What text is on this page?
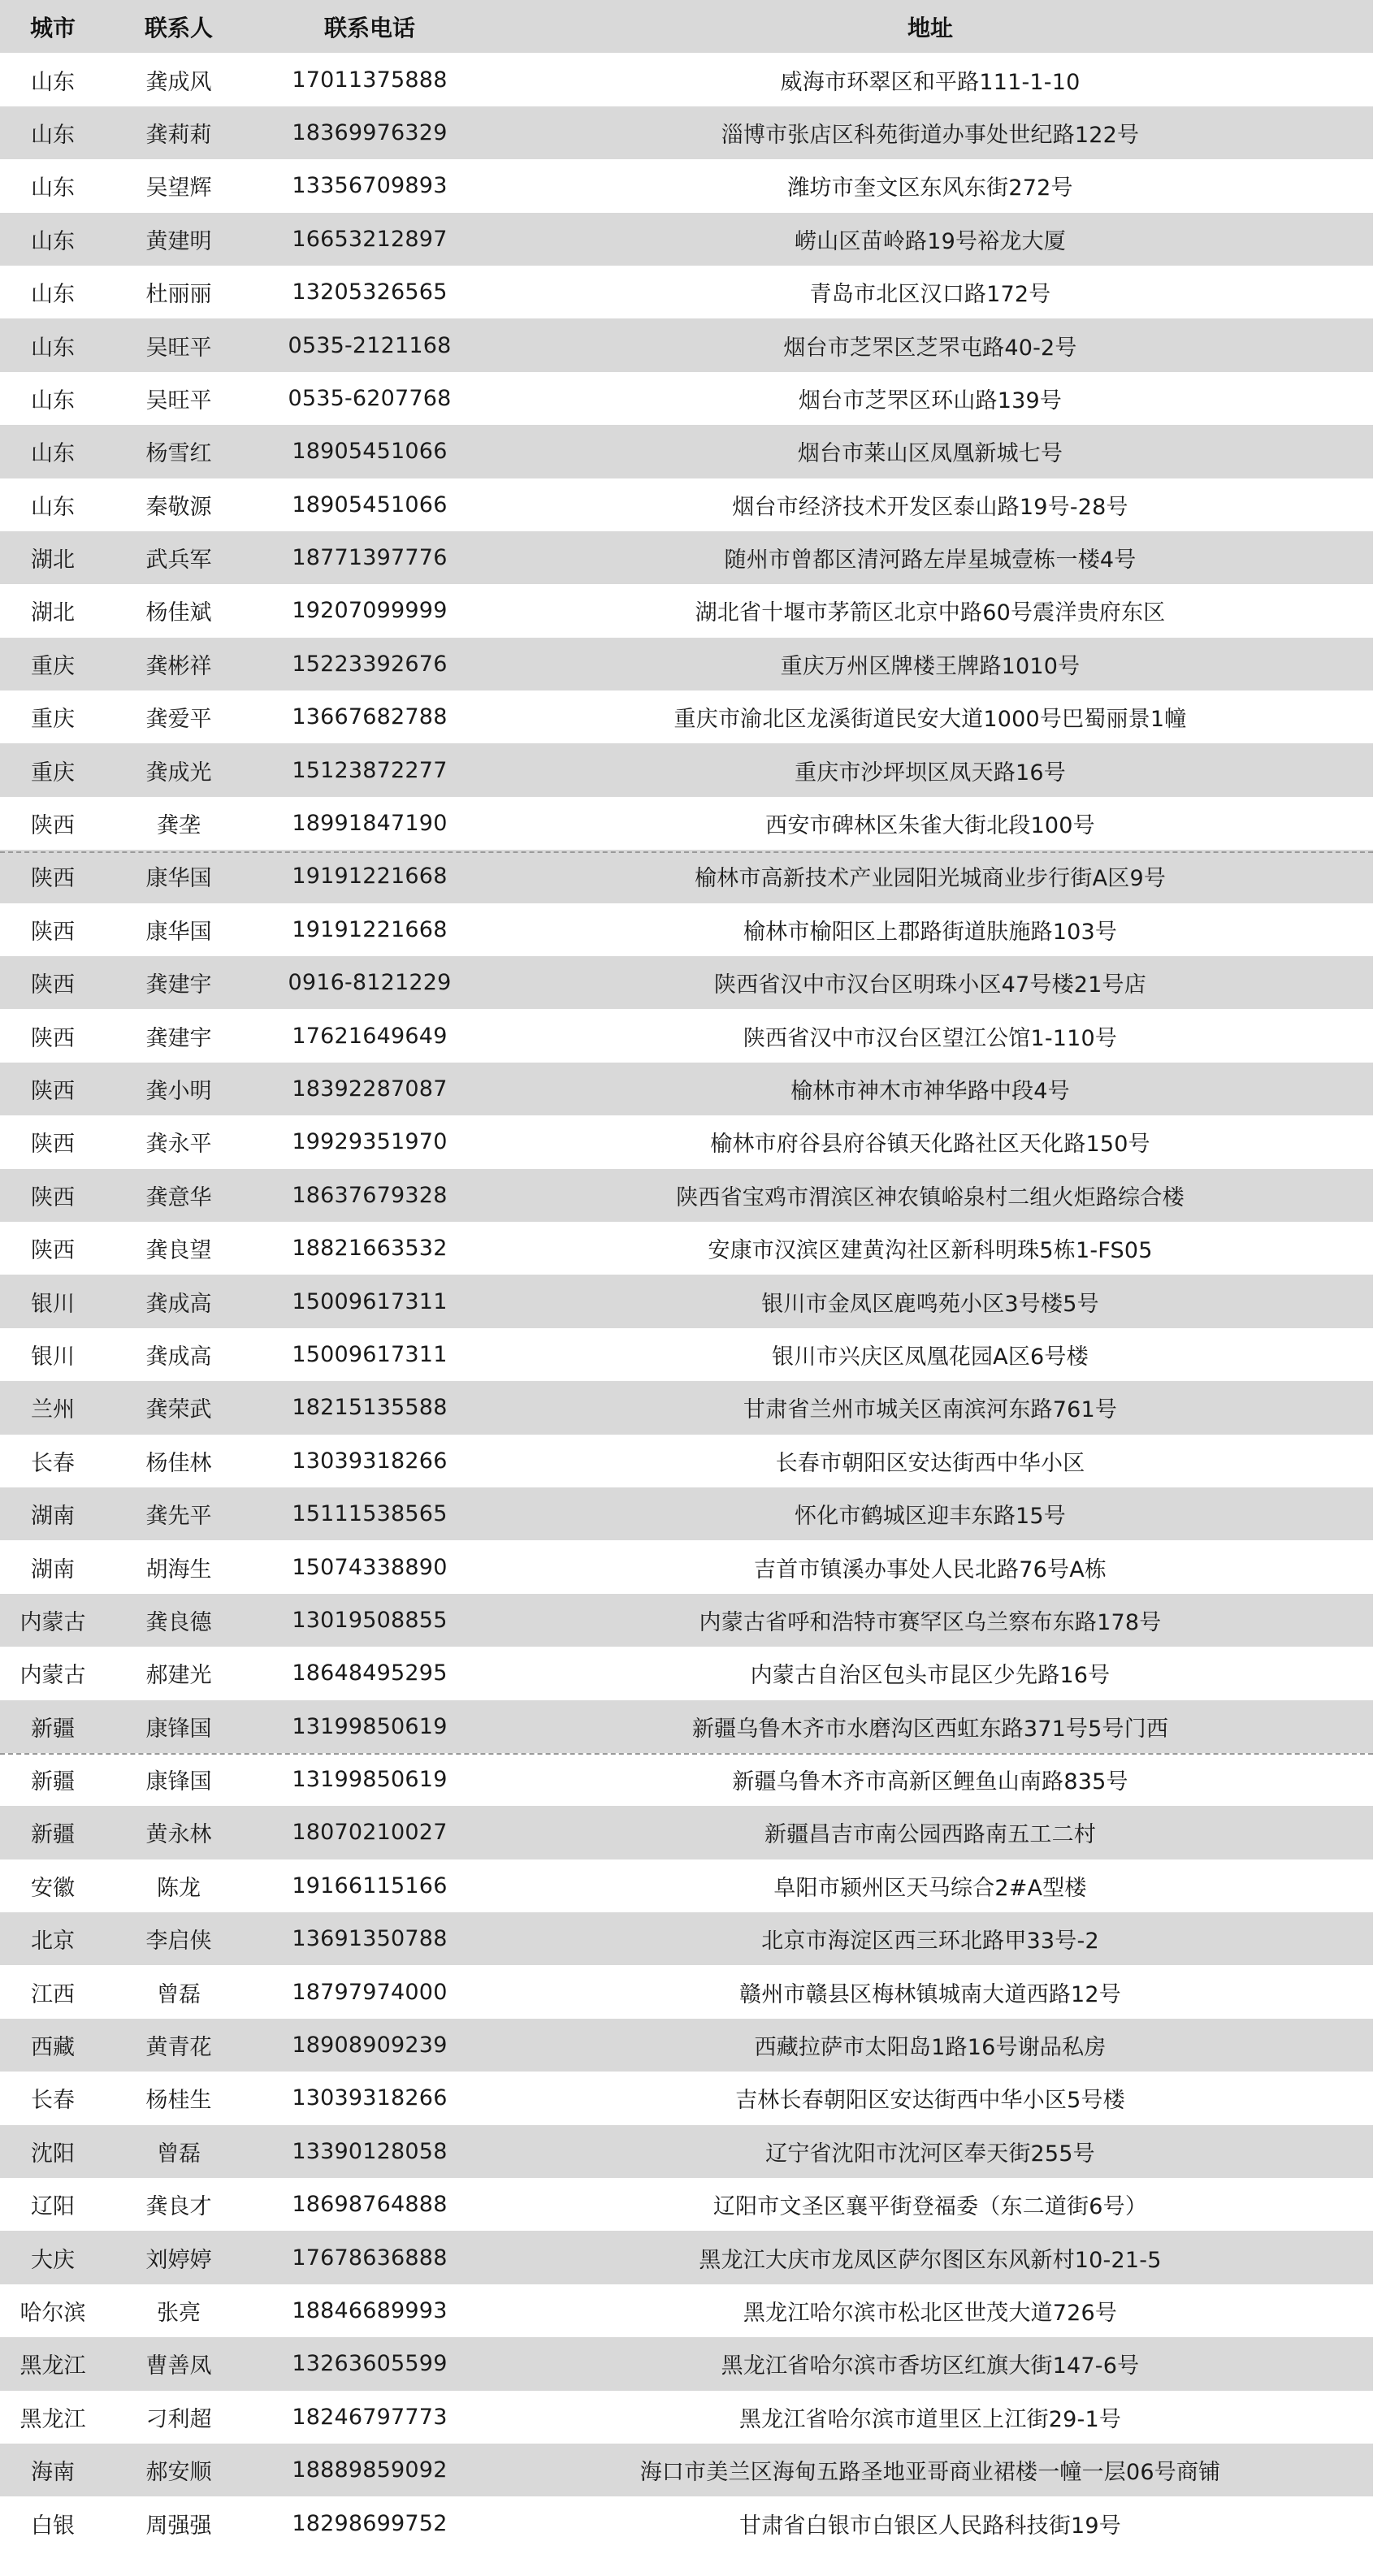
城市	联系人	联系电话	地址
山东	龚成风	17011375888	威海市环翠区和平路111-1-10
山东	龚莉莉	18369976329	淄博市张店区科苑街道办事处世纪路122号
山东	吴望辉	13356709893	潍坊市奎文区东风东街272号
山东	黄建明	16653212897	崂山区苗岭路19号裕龙大厦
山东	杜丽丽	13205326565	青岛市北区汉口路172号
山东	吴旺平	0535-2121168	烟台市芝罘区芝罘屯路40-2号
山东	吴旺平	0535-6207768	烟台市芝罘区环山路139号
山东	杨雪红	18905451066	烟台市莱山区凤凰新城七号
山东	秦敬源	18905451066	烟台市经济技术开发区泰山路19号-28号
湖北	武兵军	18771397776	随州市曾都区清河路左岸星城壹栋一楼4号
湖北	杨佳斌	19207099999	湖北省十堰市茅箭区北京中路60号震洋贵府东区
重庆	龚彬祥	15223392676	重庆万州区牌楼王牌路1010号
重庆	龚爱平	13667682788	重庆市渝北区龙溪街道民安大道1000号巴蜀丽景1幢
重庆	龚成光	15123872277	重庆市沙坪坝区凤天路16号
陕西	龚垄	18991847190	西安市碑林区朱雀大街北段100号
陕西	康华国	19191221668	榆林市高新技术产业园阳光城商业步行街A区9号
陕西	康华国	19191221668	榆林市榆阳区上郡路街道肤施路103号
陕西	龚建宇	0916-8121229	陕西省汉中市汉台区明珠小区47号楼21号店
陕西	龚建宇	17621649649	陕西省汉中市汉台区望江公馆1-110号
陕西	龚小明	18392287087	榆林市神木市神华路中段4号
陕西	龚永平	19929351970	榆林市府谷县府谷镇天化路社区天化路150号
陕西	龚意华	18637679328	陕西省宝鸡市渭滨区神农镇峪泉村二组火炬路综合楼
陕西	龚良望	18821663532	安康市汉滨区建黄沟社区新科明珠5栋1-FS05
银川	龚成高	15009617311	银川市金凤区鹿鸣苑小区3号楼5号
银川	龚成高	15009617311	银川市兴庆区凤凰花园A区6号楼
兰州	龚荣武	18215135588	甘肃省兰州市城关区南滨河东路761号
长春	杨佳林	13039318266	长春市朝阳区安达街西中华小区
湖南	龚先平	15111538565	怀化市鹤城区迎丰东路15号
湖南	胡海生	15074338890	吉首市镇溪办事处人民北路76号A栋
内蒙古	龚良德	13019508855	内蒙古省呼和浩特市赛罕区乌兰察布东路178号
内蒙古	郝建光	18648495295	内蒙古自治区包头市昆区少先路16号
新疆	康锋国	13199850619	新疆乌鲁木齐市水磨沟区西虹东路371号5号门西
新疆	康锋国	13199850619	新疆乌鲁木齐市高新区鲤鱼山南路835号
新疆	黄永林	18070210027	新疆昌吉市南公园西路南五工二村
安徽	陈龙	19166115166	阜阳市颍州区天马综合2#A型楼
北京	李启侠	13691350788	北京市海淀区西三环北路甲33号-2
江西	曾磊	18797974000	赣州市赣县区梅林镇城南大道西路12号
西藏	黄青花	18908909239	西藏拉萨市太阳岛1路16号谢品私房
长春	杨桂生	13039318266	吉林长春朝阳区安达街西中华小区5号楼
沈阳	曾磊	13390128058	辽宁省沈阳市沈河区奉天街255号
辽阳	龚良才	18698764888	辽阳市文圣区襄平街登福委（东二道街6号）
大庆	刘婷婷	17678636888	黑龙江大庆市龙凤区萨尔图区东风新村10-21-5
哈尔滨	张亮	18846689993	黑龙江哈尔滨市松北区世茂大道726号
黑龙江	曹善凤	13263605599	黑龙江省哈尔滨市香坊区红旗大街147-6号
黑龙江	刁利超	18246797773	黑龙江省哈尔滨市道里区上江街29-1号
海南	郝安顺	18889859092	海口市美兰区海甸五路圣地亚哥商业裙楼一幢一层06号商铺
白银	周强强	18298699752	甘肃省白银市白银区人民路科技街19号
